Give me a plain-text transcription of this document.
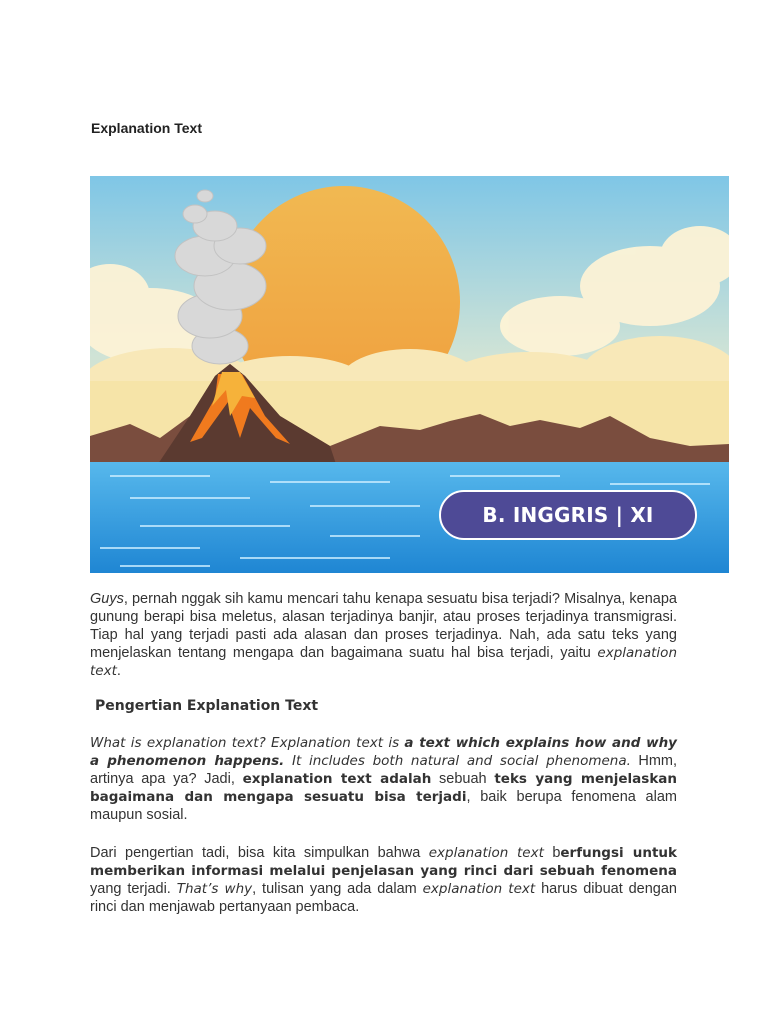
Explanation Text
B. INGGRIS | XI

Guys, pernah nggak sih kamu mencari tahu kenapa sesuatu bisa terjadi? Misalnya, kenapa gunung berapi bisa meletus, alasan terjadinya banjir, atau proses terjadinya transmigrasi. Tiap hal yang terjadi pasti ada alasan dan proses terjadinya. Nah, ada satu teks yang menjelaskan tentang mengapa dan bagaimana suatu hal bisa terjadi, yaitu explanation text.

Pengertian Explanation Text

What is explanation text? Explanation text is a text which explains how and why a phenomenon happens. It includes both natural and social phenomena. Hmm, artinya apa ya? Jadi, explanation text adalah sebuah teks yang menjelaskan bagaimana dan mengapa sesuatu bisa terjadi, baik berupa fenomena alam maupun sosial.

Dari pengertian tadi, bisa kita simpulkan bahwa explanation text berfungsi untuk memberikan informasi melalui penjelasan yang rinci dari sebuah fenomena yang terjadi. That’s why, tulisan yang ada dalam explanation text harus dibuat dengan rinci dan menjawab pertanyaan pembaca.
